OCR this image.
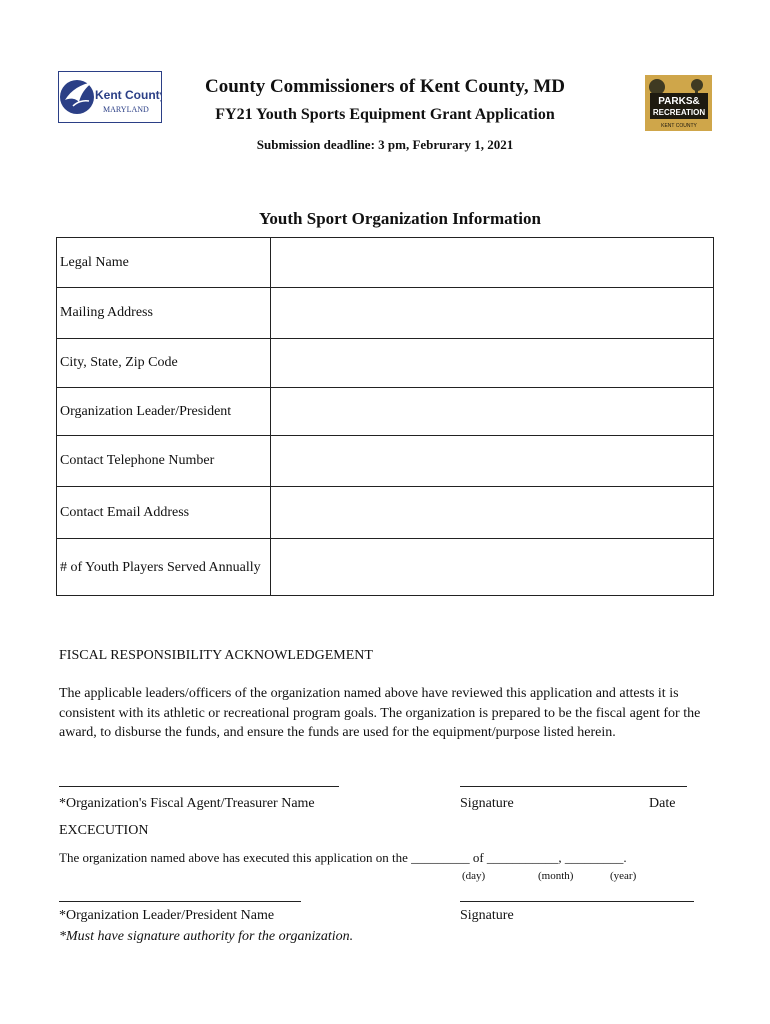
Kent County
MARYLAND
PARKS&
RECREATION
KENT COUNTY
County Commissioners of Kent County, MD
FY21 Youth Sports Equipment Grant Application
Submission deadline: 3 pm, Februrary 1, 2021
Youth Sport Organization Information
Legal Name	
Mailing Address	
City, State, Zip Code	
Organization Leader/President	
Contact Telephone Number	
Contact Email Address	
# of Youth Players Served Annually	
FISCAL RESPONSIBILITY ACKNOWLEDGEMENT
The applicable leaders/officers of the organization named above have reviewed this application and attests it is consistent with its athletic or recreational program goals. The organization is prepared to be the fiscal agent for the award, to disburse the funds, and ensure the funds are used for the equipment/purpose listed herein.
*Organization's Fiscal Agent/Treasurer Name	Signature	Date
EXCECUTION
The organization named above has executed this application on the _________ of ___________, _________.
(day)	(month)	(year)
*Organization Leader/President Name	Signature
*Must have signature authority for the organization.
